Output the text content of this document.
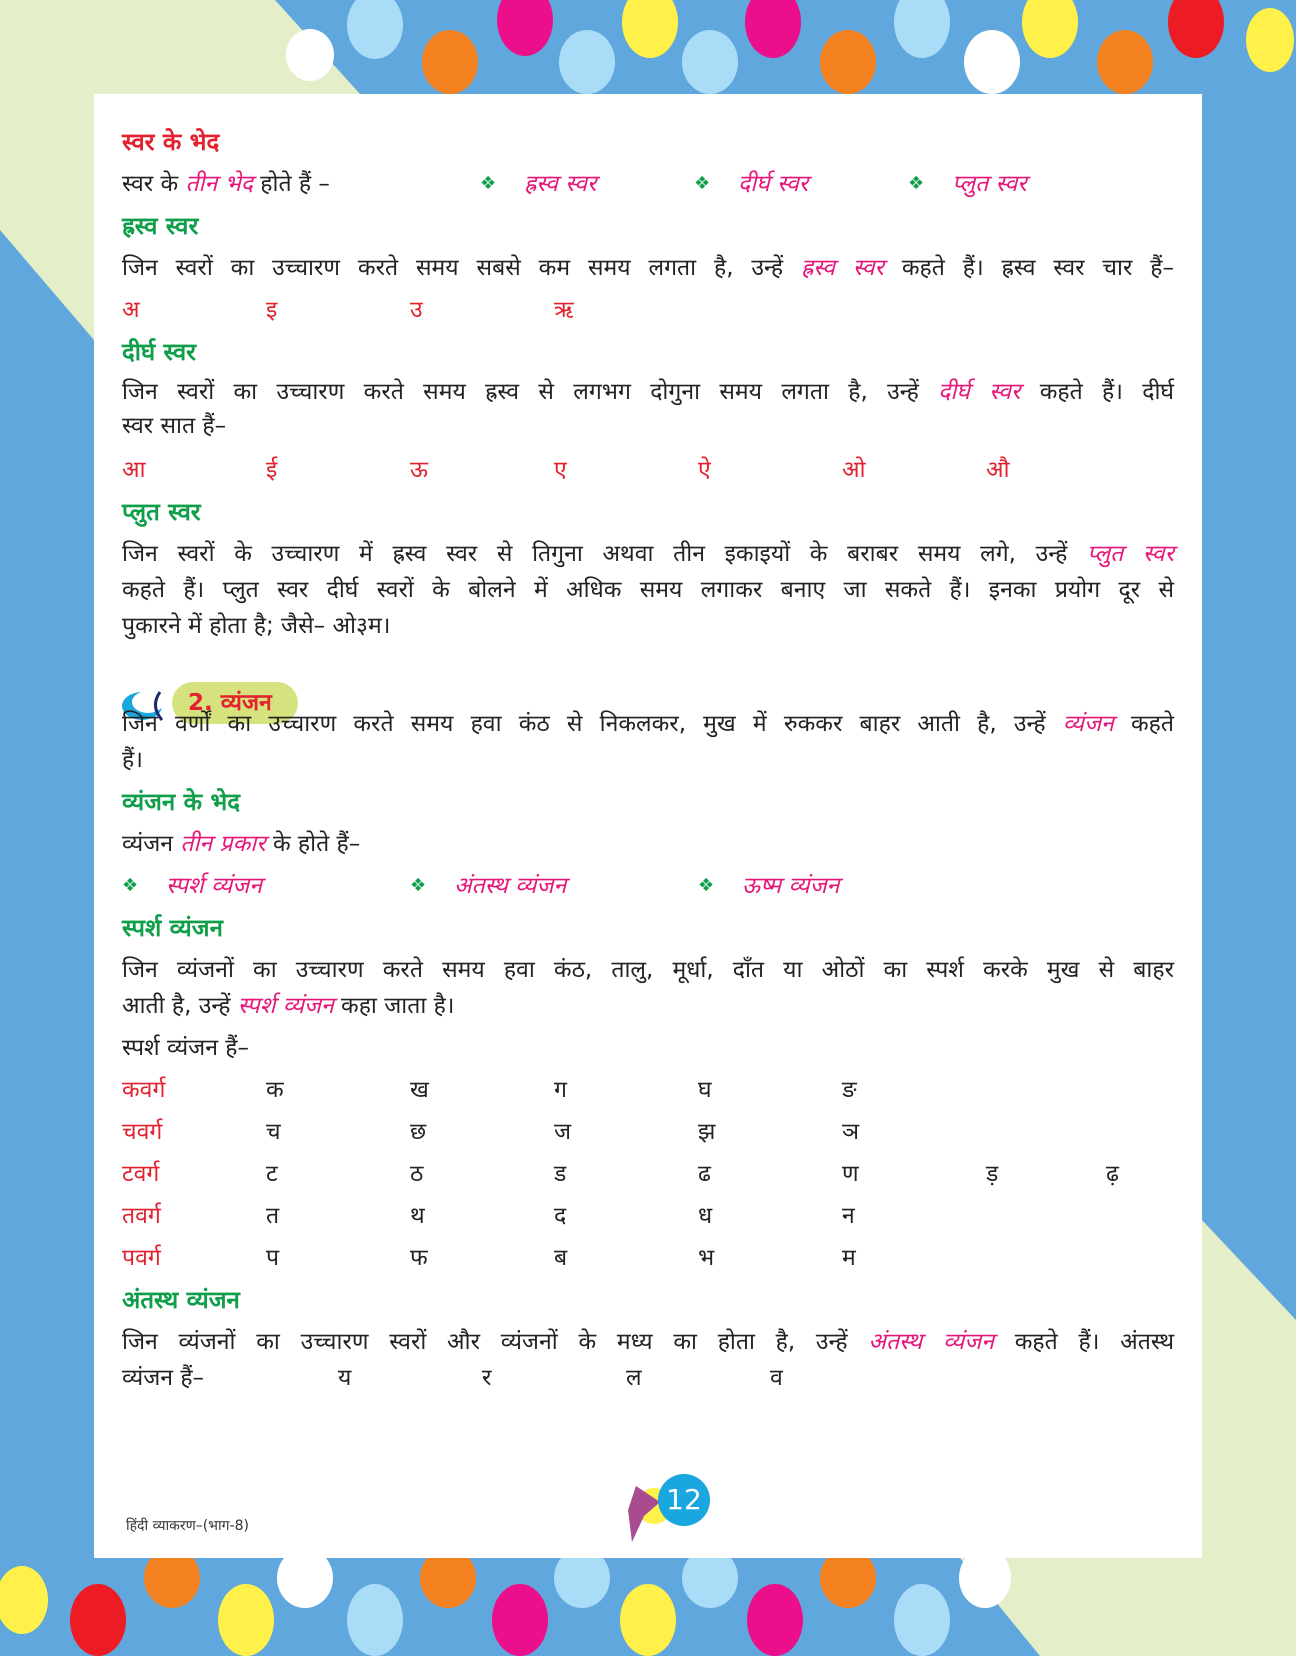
स्वर के भेद
स्वर के तीन भेद होते हैं –	❖ ह्रस्व स्वर	❖ दीर्घ स्वर	❖ प्लुत स्वर
ह्रस्व स्वर
जिन स्वरों का उच्चारण करते समय सबसे कम समय लगता है, उन्हें ह्रस्व स्वर कहते हैं। ह्रस्व स्वर चार हैं–
अ	इ	उ	ऋ
दीर्घ स्वर
जिन स्वरों का उच्चारण करते समय ह्रस्व से लगभग दोगुना समय लगता है, उन्हें दीर्घ स्वर कहते हैं। दीर्घ
स्वर सात हैं–
आ	ई	ऊ	ए	ऐ	ओ	औ
प्लुत स्वर
जिन स्वरों के उच्चारण में ह्रस्व स्वर से तिगुना अथवा तीन इकाइयों के बराबर समय लगे, उन्हें प्लुत स्वर
कहते हैं। प्लुत स्वर दीर्घ स्वरों के बोलने में अधिक समय लगाकर बनाए जा सकते हैं। इनका प्रयोग दूर से
पुकारने में होता है; जैसे– ओ३म।
2. व्यंजन
जिन वर्णों का उच्चारण करते समय हवा कंठ से निकलकर, मुख में रुककर बाहर आती है, उन्हें व्यंजन कहते
हैं।
व्यंजन के भेद
व्यंजन तीन प्रकार के होते हैं–
❖ स्पर्श व्यंजन	❖ अंतस्थ व्यंजन	❖ ऊष्म व्यंजन
स्पर्श व्यंजन
जिन व्यंजनों का उच्चारण करते समय हवा कंठ, तालु, मूर्धा, दाँत या ओठों का स्पर्श करके मुख से बाहर
आती है, उन्हें स्पर्श व्यंजन कहा जाता है।
स्पर्श व्यंजन हैं–
कवर्ग	क	ख	ग	घ	ङ
चवर्ग	च	छ	ज	झ	ञ
टवर्ग	ट	ठ	ड	ढ	ण	ड़	ढ़
तवर्ग	त	थ	द	ध	न
पवर्ग	प	फ	ब	भ	म
अंतस्थ व्यंजन
जिन व्यंजनों का उच्चारण स्वरों और व्यंजनों के मध्य का होता है, उन्हें अंतस्थ व्यंजन कहते हैं। अंतस्थ
व्यंजन हैं–	य	र	ल	व
हिंदी व्याकरण–(भाग-8)
12
